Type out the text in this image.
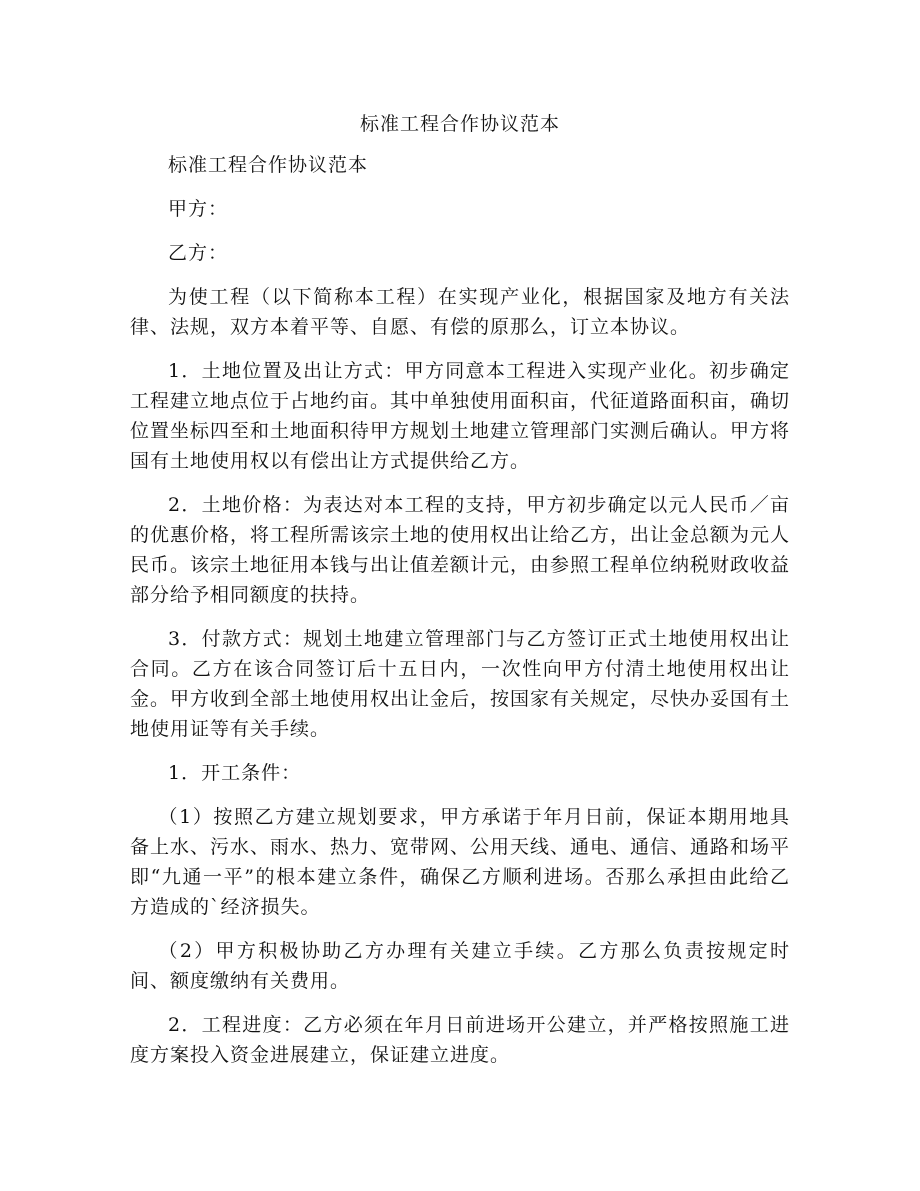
标准工程合作协议范本

标准工程合作协议范本

甲方：

乙方：

为使工程（以下简称本工程）在实现产业化，根据国家及地方有关法律、法规，双方本着平等、自愿、有偿的原那么，订立本协议。

1．土地位置及出让方式：甲方同意本工程进入实现产业化。初步确定工程建立地点位于占地约亩。其中单独使用面积亩，代征道路面积亩，确切位置坐标四至和土地面积待甲方规划土地建立管理部门实测后确认。甲方将国有土地使用权以有偿出让方式提供给乙方。

2．土地价格：为表达对本工程的支持，甲方初步确定以元人民币／亩的优惠价格，将工程所需该宗土地的使用权出让给乙方，出让金总额为元人民币。该宗土地征用本钱与出让值差额计元，由参照工程单位纳税财政收益部分给予相同额度的扶持。

3．付款方式：规划土地建立管理部门与乙方签订正式土地使用权出让合同。乙方在该合同签订后十五日内，一次性向甲方付清土地使用权出让金。甲方收到全部土地使用权出让金后，按国家有关规定，尽快办妥国有土地使用证等有关手续。

1．开工条件：

（1）按照乙方建立规划要求，甲方承诺于年月日前，保证本期用地具备上水、污水、雨水、热力、宽带网、公用天线、通电、通信、通路和场平即“九通一平”的根本建立条件，确保乙方顺利进场。否那么承担由此给乙方造成的`经济损失。

（2）甲方积极协助乙方办理有关建立手续。乙方那么负责按规定时间、额度缴纳有关费用。

2．工程进度：乙方必须在年月日前进场开公建立，并严格按照施工进度方案投入资金进展建立，保证建立进度。
